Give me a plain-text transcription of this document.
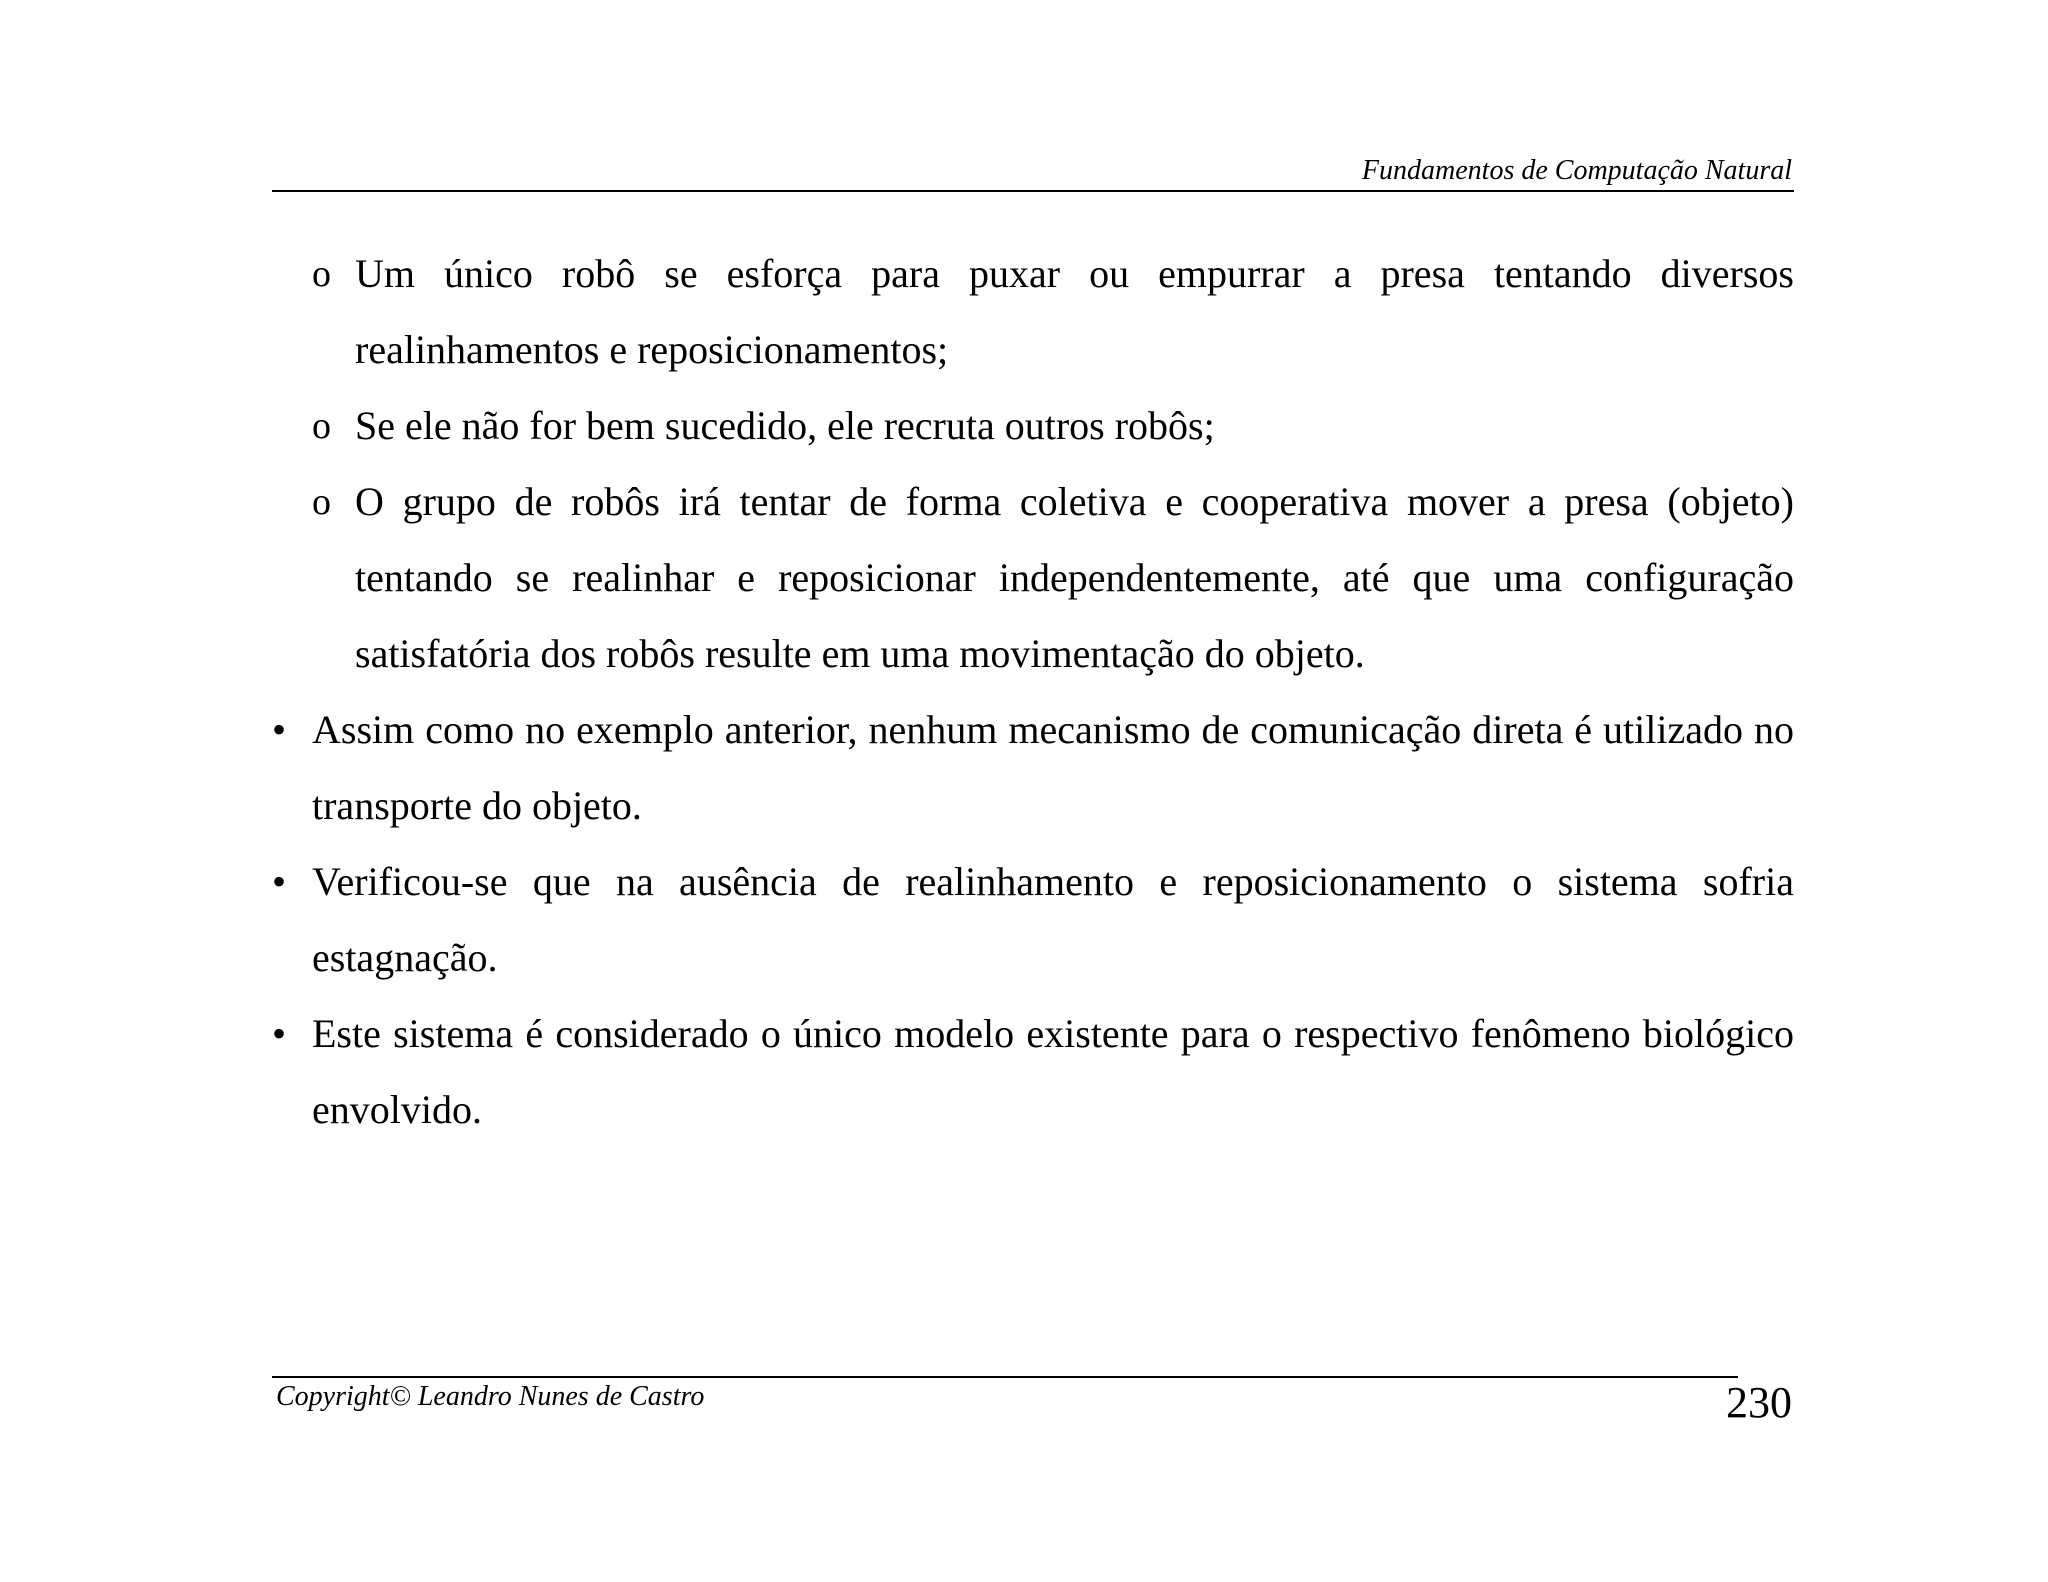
Fundamentos de Computação Natural
o Um único robô se esforça para puxar ou empurrar a presa tentando diversos realinhamentos e reposicionamentos;
o Se ele não for bem sucedido, ele recruta outros robôs;
o O grupo de robôs irá tentar de forma coletiva e cooperativa mover a presa (objeto) tentando se realinhar e reposicionar independentemente, até que uma configuração satisfatória dos robôs resulte em uma movimentação do objeto.
• Assim como no exemplo anterior, nenhum mecanismo de comunicação direta é utilizado no transporte do objeto.
• Verificou-se que na ausência de realinhamento e reposicionamento o sistema sofria estagnação.
• Este sistema é considerado o único modelo existente para o respectivo fenômeno biológico envolvido.
Copyright© Leandro Nunes de Castro	230
